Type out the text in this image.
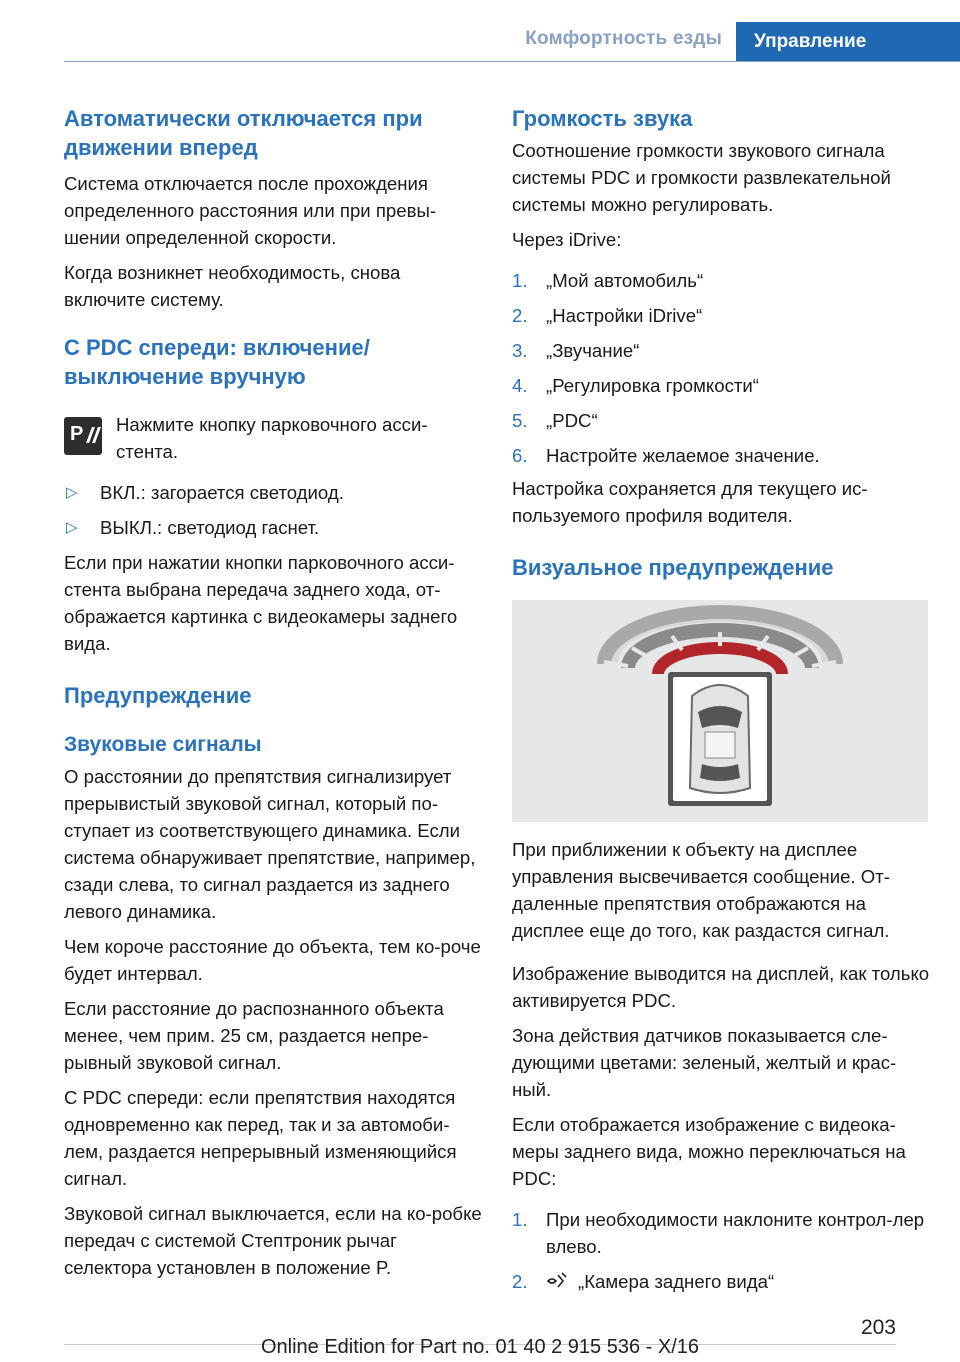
Комфортность езды	Управление
Автоматически отключается при движении вперед

Система отключается после прохождения определенного расстояния или при превы-шении определенной скорости.

Когда возникнет необходимость, снова включите систему.

С PDC спереди: включение/выключение вручную
P Нажмите кнопку парковочного асси-стента.

▷	ВКЛ.: загорается светодиод.
▷	ВЫКЛ.: светодиод гаснет.

Если при нажатии кнопки парковочного асси-стента выбрана передача заднего хода, от-ображается картинка с видеокамеры заднего вида.

Предупреждение
Звуковые сигналы

О расстоянии до препятствия сигнализирует прерывистый звуковой сигнал, который по-ступает из соответствующего динамика. Если система обнаруживает препятствие, например, сзади слева, то сигнал раздается из заднего левого динамика.

Чем короче расстояние до объекта, тем ко-роче будет интервал.

Если расстояние до распознанного объекта менее, чем прим. 25 см, раздается непре-рывный звуковой сигнал.

С PDC спереди: если препятствия находятся одновременно как перед, так и за автомоби-лем, раздается непрерывный изменяющийся сигнал.

Звуковой сигнал выключается, если на ко-робке передач с системой Стептроник рычаг селектора установлен в положение P.

Громкость звука

Соотношение громкости звукового сигнала системы PDC и громкости развлекательной системы можно регулировать.

Через iDrive:

1. „Мой автомобиль“
2. „Настройки iDrive“
3. „Звучание“
4. „Регулировка громкости“
5. „PDC“
6. Настройте желаемое значение.

Настройка сохраняется для текущего ис-пользуемого профиля водителя.

Визуальное предупреждение

При приближении к объекту на дисплее управления высвечивается сообщение. От-даленные препятствия отображаются на дисплее еще до того, как раздастся сигнал.

Изображение выводится на дисплей, как только активируется PDC.

Зона действия датчиков показывается сле-дующими цветами: зеленый, желтый и крас-ный.

Если отображается изображение с видеока-меры заднего вида, можно переключаться на PDC:

1. При необходимости наклоните контрол-лер влево.
2.	„Камера заднего вида“
203
Online Edition for Part no. 01 40 2 915 536 - X/16
